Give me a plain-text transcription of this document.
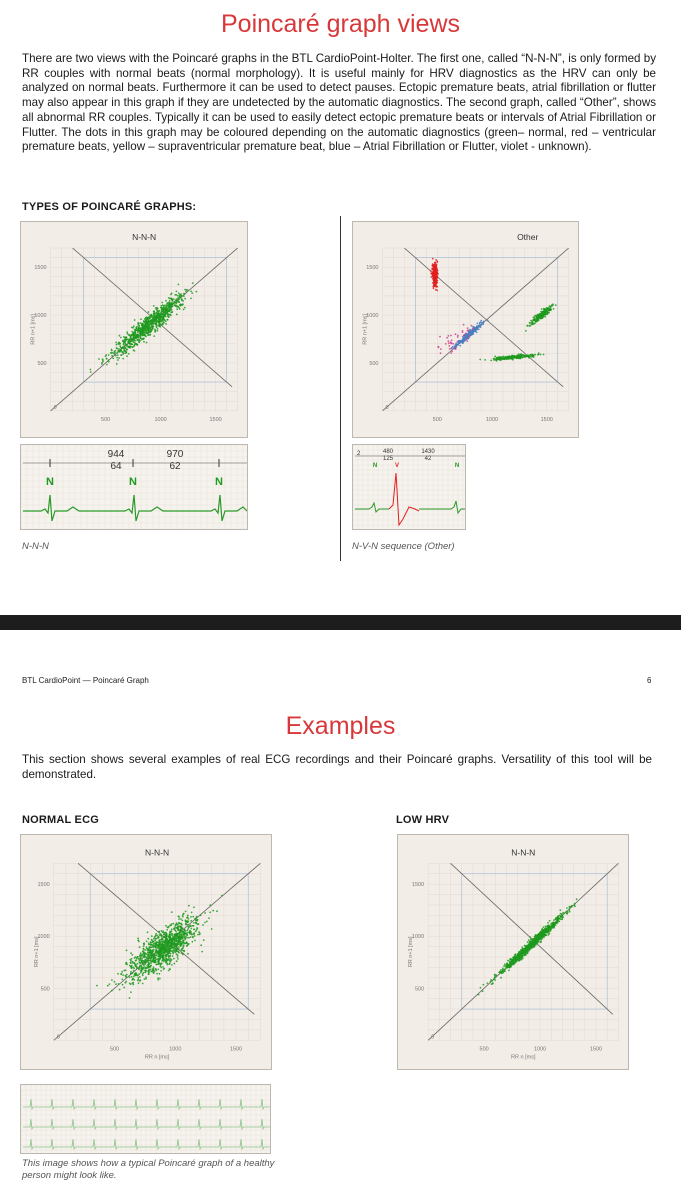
Poincaré graph views
There are two views with the Poincaré graphs in the BTL CardioPoint-Holter. The first one, called “N-N-N”, is only formed by RR couples with normal beats (normal morphology). It is useful mainly for HRV diagnostics as the HRV can only be analyzed on normal beats. Furthermore it can be used to detect pauses. Ectopic premature beats, atrial fibrillation or flutter may also appear in this graph if they are undetected by the automatic diagnostics. The second graph, called “Other”, shows all abnormal RR couples. Typically it can be used to easily detect ectopic premature beats or intervals of Atrial Fibrillation or Flutter. The dots in this graph may be coloured depending on the automatic diagnostics (green– normal, red – ventricular premature beats, yellow – supraventricular premature beat, blue – Atrial Fibrillation or Flutter, violet - unknown).
TYPES OF POINCARÉ GRAPHS:
500	1000	1500
500
1000
1500
0
N-N-N
RR n+1 [ms]
500	1000	1500
500
1000
1500
0
Other
RR n+1 [ms]
944
64
970
62
N	N	N
2	480
125
1430
42
N	V	N
N-N-N	N-V-N sequence (Other)
BTL CardioPoint — Poincaré Graph	6
Examples
This section shows several examples of real ECG recordings and their Poincaré graphs. Versatility of this tool will be demonstrated.
NORMAL ECG	LOW HRV
500	1000	1500
500
1000
1500
0
N-N-N
RR n+1 [ms]
RR n [ms]
500	1000	1500
500
1000
1500
0
N-N-N
RR n+1 [ms]
RR n [ms]
This image shows how a typical Poincaré graph of a healthy person might look like.
